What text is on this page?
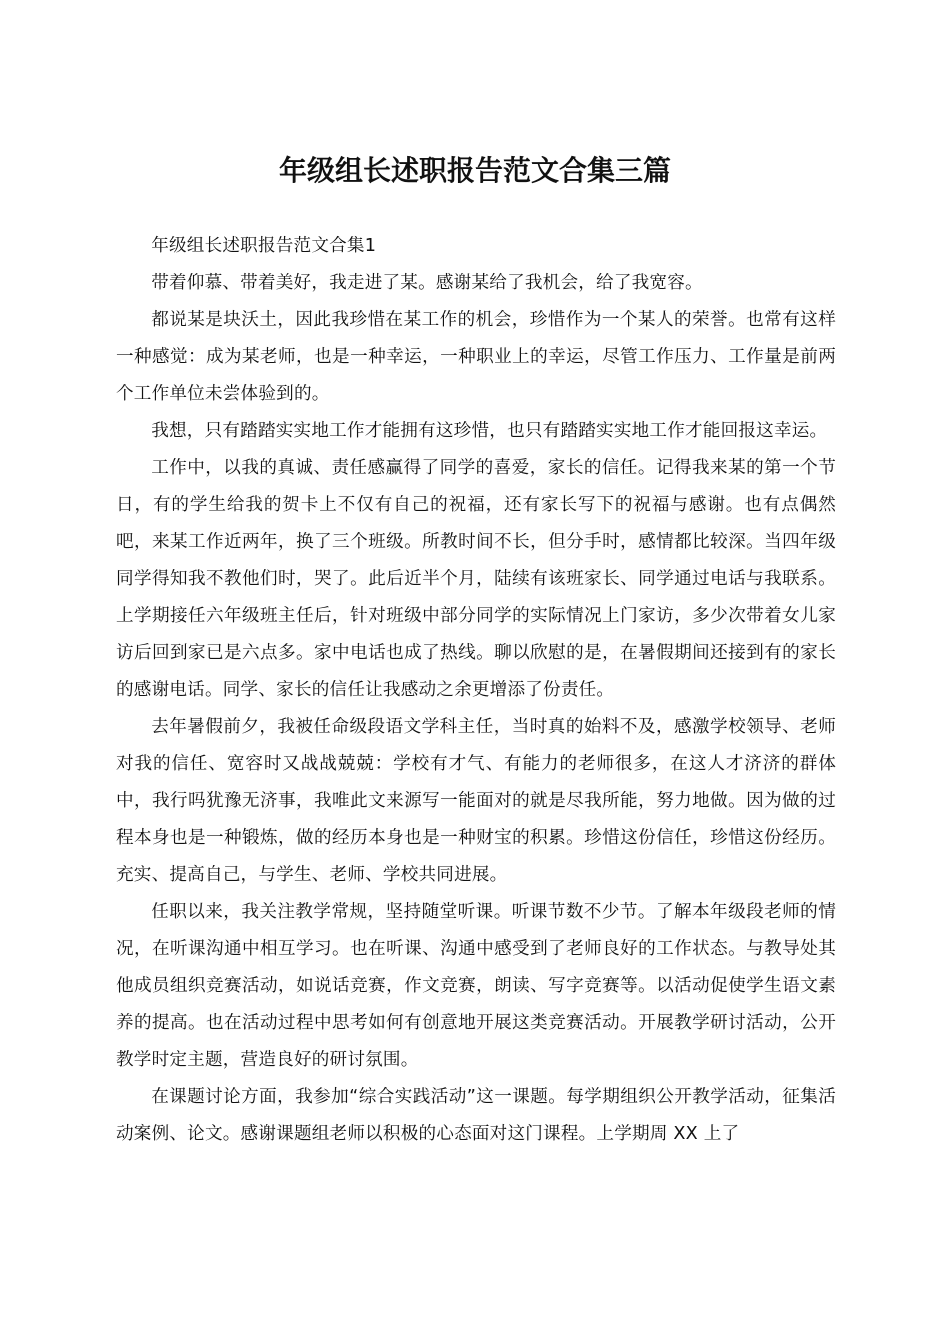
年级组长述职报告范文合集三篇

年级组长述职报告范文合集1

带着仰慕、带着美好，我走进了某。感谢某给了我机会，给了我宽容。

都说某是块沃土，因此我珍惜在某工作的机会，珍惜作为一个某人的荣誉。也常有这样一种感觉：成为某老师，也是一种幸运，一种职业上的幸运，尽管工作压力、工作量是前两个工作单位未尝体验到的。

我想，只有踏踏实实地工作才能拥有这珍惜，也只有踏踏实实地工作才能回报这幸运。

工作中，以我的真诚、责任感赢得了同学的喜爱，家长的信任。记得我来某的第一个节日，有的学生给我的贺卡上不仅有自己的祝福，还有家长写下的祝福与感谢。也有点偶然吧，来某工作近两年，换了三个班级。所教时间不长，但分手时，感情都比较深。当四年级同学得知我不教他们时，哭了。此后近半个月，陆续有该班家长、同学通过电话与我联系。上学期接任六年级班主任后，针对班级中部分同学的实际情况上门家访，多少次带着女儿家访后回到家已是六点多。家中电话也成了热线。聊以欣慰的是，在暑假期间还接到有的家长的感谢电话。同学、家长的信任让我感动之余更增添了份责任。

去年暑假前夕，我被任命级段语文学科主任，当时真的始料不及，感激学校领导、老师对我的信任、宽容时又战战兢兢：学校有才气、有能力的老师很多，在这人才济济的群体中，我行吗犹豫无济事，我唯此文来源写一能面对的就是尽我所能，努力地做。因为做的过程本身也是一种锻炼，做的经历本身也是一种财宝的积累。珍惜这份信任，珍惜这份经历。充实、提高自己，与学生、老师、学校共同进展。

任职以来，我关注教学常规，坚持随堂听课。听课节数不少节。了解本年级段老师的情况，在听课沟通中相互学习。也在听课、沟通中感受到了老师良好的工作状态。与教导处其他成员组织竞赛活动，如说话竞赛，作文竞赛，朗读、写字竞赛等。以活动促使学生语文素养的提高。也在活动过程中思考如何有创意地开展这类竞赛活动。开展教学研讨活动，公开教学时定主题，营造良好的研讨氛围。

在课题讨论方面，我参加“综合实践活动”这一课题。每学期组织公开教学活动，征集活动案例、论文。感谢课题组老师以积极的心态面对这门课程。上学期周 XX 上了
